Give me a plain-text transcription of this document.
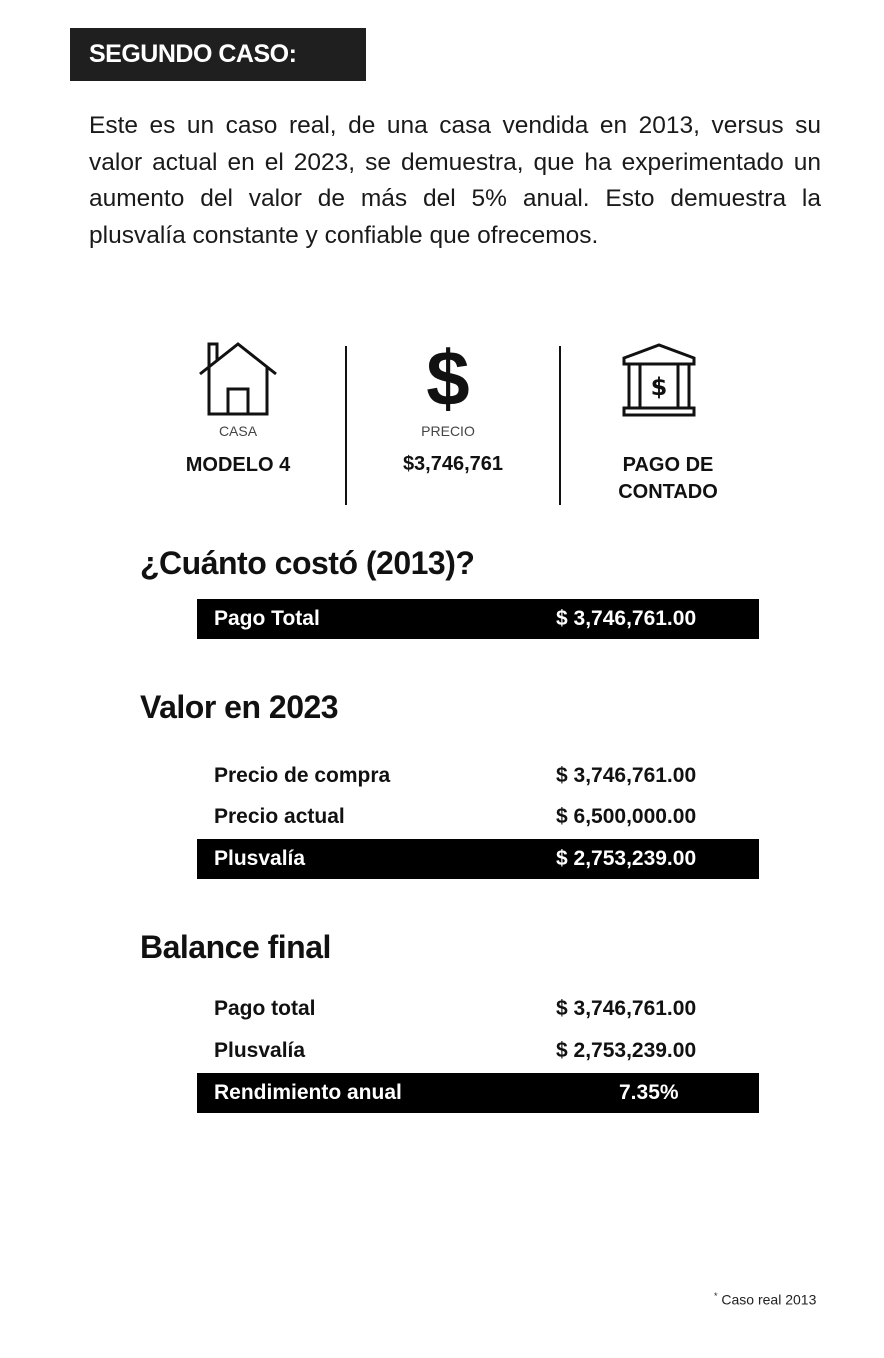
SEGUNDO CASO:

Este es un caso real, de una casa vendida en 2013, versus su valor actual en el 2023, se demuestra, que ha experimentado un aumento del valor de más del 5% anual. Esto demuestra la plusvalía constante y confiable que ofrecemos.

CASA
MODELO 4
$
PRECIO
$3,746,761
$
PAGO DE
CONTADO
¿Cuánto costó (2013)?
Pago Total	$ 3,746,761.00
Valor en 2023
Precio de compra	$ 3,746,761.00
Precio actual	$ 6,500,000.00
Plusvalía	$ 2,753,239.00
Balance final
Pago total	$ 3,746,761.00
Plusvalía	$ 2,753,239.00
Rendimiento anual	7.35%
* Caso real 2013
